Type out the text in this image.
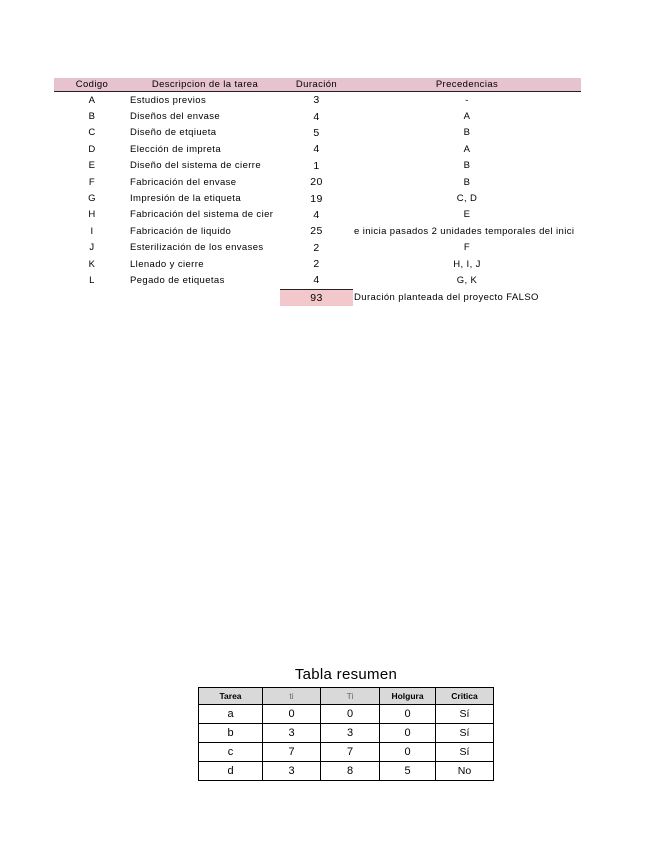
Codigo	Descripcion de la tarea	Duración	Precedencias
A	Estudios previos	3	-
B	Diseños del envase	4	A
C	Diseño de etqiueta	5	B
D	Elección de impreta	4	A
E	Diseño del sistema de cierre	1	B
F	Fabricación del envase	20	B
G	Impresión de la etiqueta	19	C, D
H	Fabricación del sistema de cier	4	E
I	Fabricación de liquido	25	e inicia pasados 2 unidades temporales del inici
J	Esterilización de los envases	2	F
K	Llenado y cierre	2	H, I, J
L	Pegado de etiquetas	4	G, K
		93	Duración planteada del proyecto FALSO
Tabla resumen
Tarea	ti	Ti	Holgura	Critica
a	0	0	0	Sí
b	3	3	0	Sí
c	7	7	0	Sí
d	3	8	5	No
